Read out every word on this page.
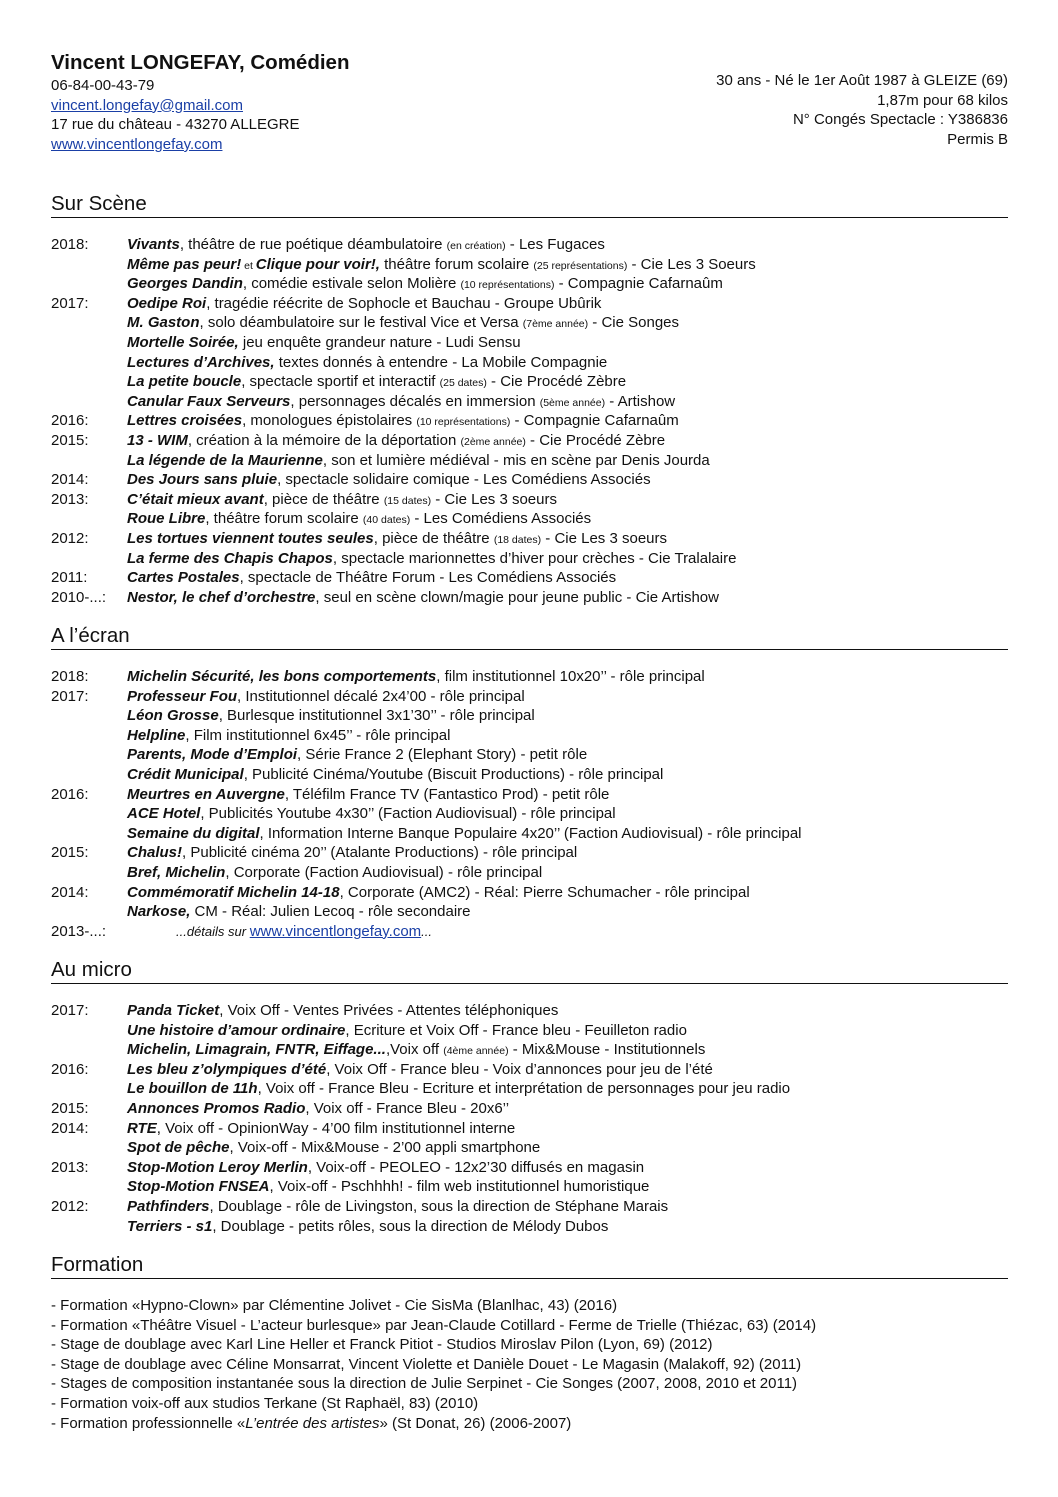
Vincent LONGEFAY, Comédien
06-84-00-43-79
vincent.longefay@gmail.com
17 rue du château - 43270 ALLEGRE
www.vincentlongefay.com
30 ans - Né le 1er Août 1987 à GLEIZE (69)
1,87m pour 68 kilos
N° Congés Spectacle : Y386836
Permis B
Sur Scène
2018:	Vivants, théâtre de rue poétique déambulatoire (en création) - Les Fugaces
Même pas peur! et Clique pour voir!, théâtre forum scolaire (25 représentations) - Cie Les 3 Soeurs
Georges Dandin, comédie estivale selon Molière (10 représentations) - Compagnie Cafarnaûm
2017:	Oedipe Roi, tragédie réécrite de Sophocle et Bauchau - Groupe Ubûrik
M. Gaston, solo déambulatoire sur le festival Vice et Versa (7ème année) - Cie Songes
Mortelle Soirée, jeu enquête grandeur nature - Ludi Sensu
Lectures d’Archives, textes donnés à entendre - La Mobile Compagnie
La petite boucle, spectacle sportif et interactif (25 dates) - Cie Procédé Zèbre
Canular Faux Serveurs, personnages décalés en immersion (5ème année) - Artishow
2016:	Lettres croisées, monologues épistolaires (10 représentations) - Compagnie Cafarnaûm
2015:	13 - WIM, création à la mémoire de la déportation (2ème année) - Cie Procédé Zèbre
La légende de la Maurienne, son et lumière médiéval - mis en scène par Denis Jourda
2014:	Des Jours sans pluie, spectacle solidaire comique - Les Comédiens Associés
2013:	C’était mieux avant, pièce de théâtre (15 dates) - Cie Les 3 soeurs
Roue Libre, théâtre forum scolaire (40 dates) - Les Comédiens Associés
2012:	Les tortues viennent toutes seules, pièce de théâtre (18 dates) - Cie Les 3 soeurs
La ferme des Chapis Chapos, spectacle marionnettes d’hiver pour crèches - Cie Tralalaire
2011:	Cartes Postales, spectacle de Théâtre Forum - Les Comédiens Associés
2010-...: Nestor, le chef d’orchestre, seul en scène clown/magie pour jeune public - Cie Artishow
A l’écran
2018:	Michelin Sécurité, les bons comportements, film institutionnel 10x20’’ - rôle principal
2017:	Professeur Fou, Institutionnel décalé 2x4’00 - rôle principal
Léon Grosse, Burlesque institutionnel 3x1’30’’ - rôle principal
Helpline, Film institutionnel 6x45’’ - rôle principal
Parents, Mode d’Emploi, Série France 2 (Elephant Story) - petit rôle
Crédit Municipal, Publicité Cinéma/Youtube (Biscuit Productions) - rôle principal
2016:	Meurtres en Auvergne, Téléfilm France TV (Fantastico Prod) - petit rôle
ACE Hotel, Publicités Youtube 4x30’’ (Faction Audiovisual) - rôle principal
Semaine du digital, Information Interne Banque Populaire 4x20’’ (Faction Audiovisual) - rôle principal
2015:	Chalus!, Publicité cinéma 20’’ (Atalante Productions) - rôle principal
Bref, Michelin, Corporate (Faction Audiovisual) - rôle principal
2014:	Commémoratif Michelin 14-18, Corporate (AMC2) - Réal: Pierre Schumacher - rôle principal
Narkose, CM - Réal: Julien Lecoq - rôle secondaire
2013-...:	...détails sur www.vincentlongefay.com...
Au micro
2017:	Panda Ticket, Voix Off - Ventes Privées - Attentes téléphoniques
Une histoire d’amour ordinaire, Ecriture et Voix Off - France bleu - Feuilleton radio
Michelin, Limagrain, FNTR, Eiffage...,Voix off (4ème année) - Mix&Mouse - Institutionnels
2016:	Les bleu z’olympiques d’été, Voix Off - France bleu - Voix d’annonces pour jeu de l’été
Le bouillon de 11h, Voix off - France Bleu - Ecriture et interprétation de personnages pour jeu radio
2015:	Annonces Promos Radio, Voix off - France Bleu - 20x6’’
2014:	RTE, Voix off - OpinionWay - 4’00 film institutionnel interne
Spot de pêche, Voix-off - Mix&Mouse - 2’00 appli smartphone
2013:	Stop-Motion Leroy Merlin, Voix-off - PEOLEO - 12x2’30 diffusés en magasin
Stop-Motion FNSEA, Voix-off - Pschhhh! - film web institutionnel humoristique
2012:	Pathfinders, Doublage - rôle de Livingston, sous la direction de Stéphane Marais
Terriers - s1, Doublage - petits rôles, sous la direction de Mélody Dubos
Formation
- Formation «Hypno-Clown» par Clémentine Jolivet - Cie SisMa (Blanlhac, 43) (2016)
- Formation «Théâtre Visuel - L’acteur burlesque» par Jean-Claude Cotillard - Ferme de Trielle (Thiézac, 63) (2014)
- Stage de doublage avec Karl Line Heller et Franck Pitiot - Studios Miroslav Pilon (Lyon, 69) (2012)
- Stage de doublage avec Céline Monsarrat, Vincent Violette et Danièle Douet - Le Magasin (Malakoff, 92) (2011)
- Stages de composition instantanée sous la direction de Julie Serpinet - Cie Songes (2007, 2008, 2010 et 2011)
- Formation voix-off aux studios Terkane (St Raphaël, 83) (2010)
- Formation professionnelle «L’entrée des artistes» (St Donat, 26) (2006-2007)
